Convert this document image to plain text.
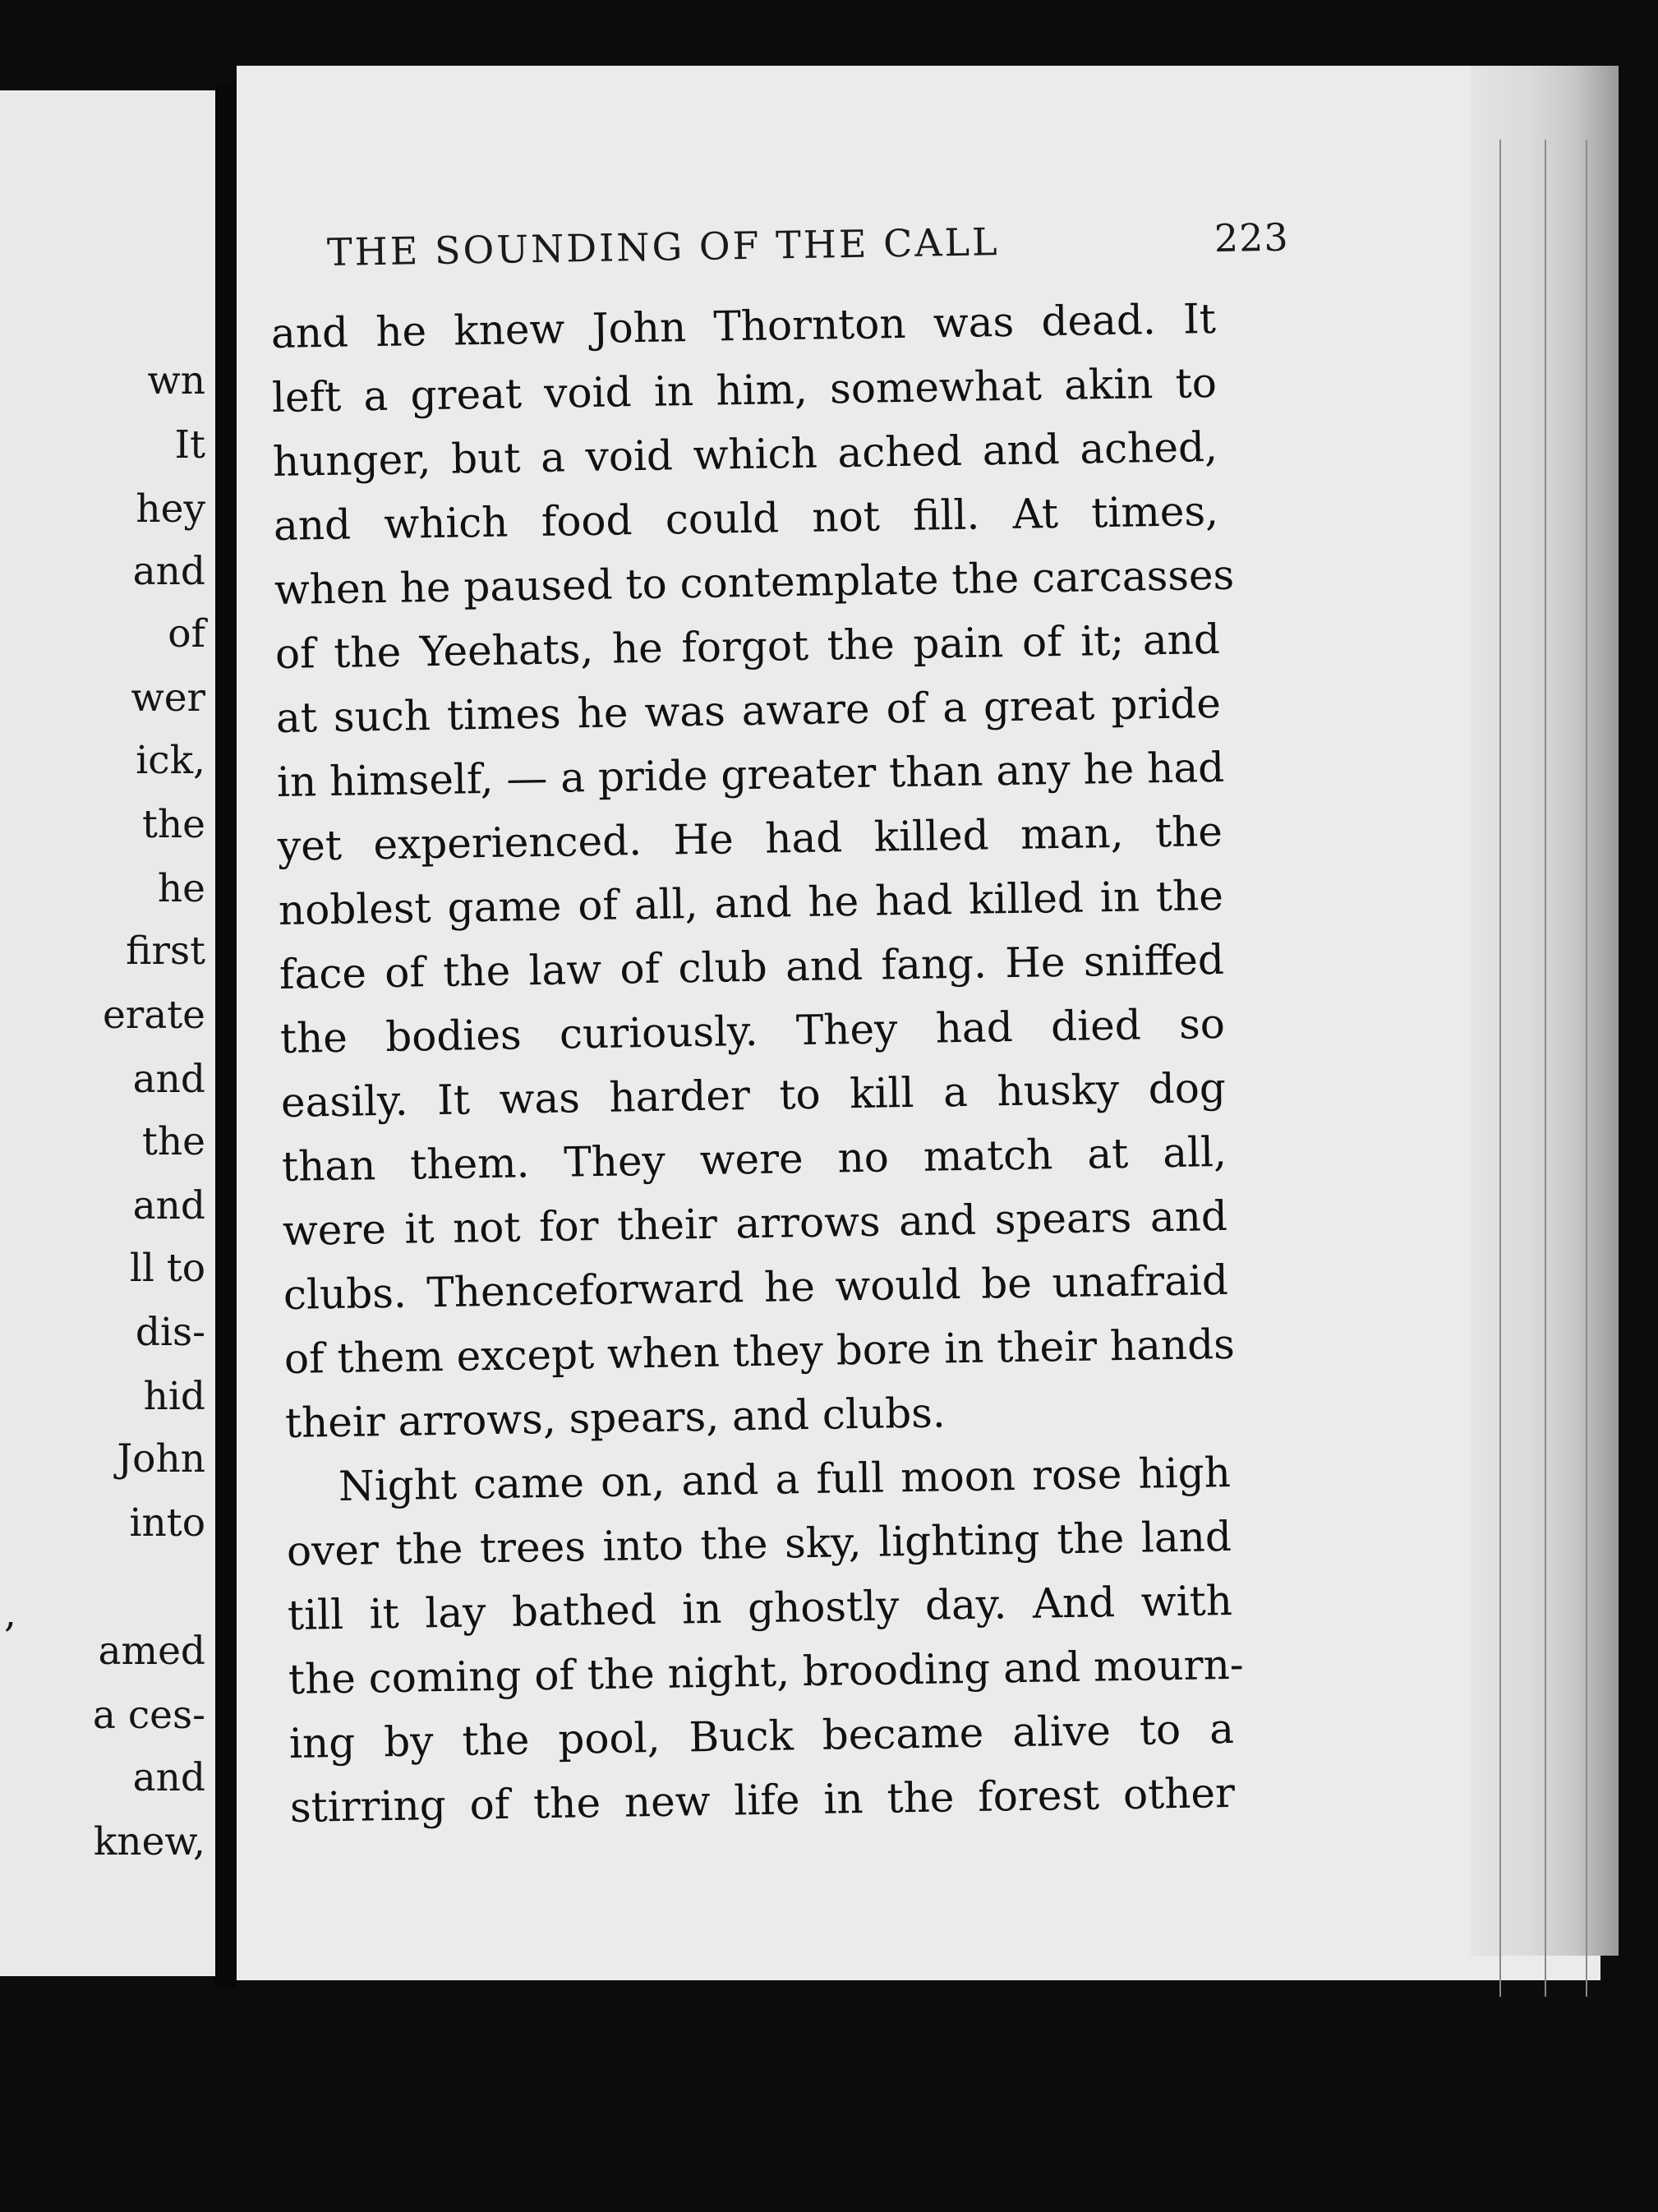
wn
It
hey
and
of
wer
ick,
the
he
first
erate
and
the
and
ll to
dis-
hid
John
into
,
amed
a ces-
and
knew,
THE SOUNDING OF THE CALL	223
and he knew John Thornton was dead. It
left a great void in him, somewhat akin to
hunger, but a void which ached and ached,
and which food could not fill. At times,
when he paused to contemplate the carcasses
of the Yeehats, he forgot the pain of it; and
at such times he was aware of a great pride
in himself, — a pride greater than any he had
yet experienced. He had killed man, the
noblest game of all, and he had killed in the
face of the law of club and fang. He sniffed
the bodies curiously. They had died so
easily. It was harder to kill a husky dog
than them. They were no match at all,
were it not for their arrows and spears and
clubs. Thenceforward he would be unafraid
of them except when they bore in their hands
their arrows, spears, and clubs.
Night came on, and a full moon rose high
over the trees into the sky, lighting the land
till it lay bathed in ghostly day. And with
the coming of the night, brooding and mourn-
ing by the pool, Buck became alive to a
stirring of the new life in the forest other
